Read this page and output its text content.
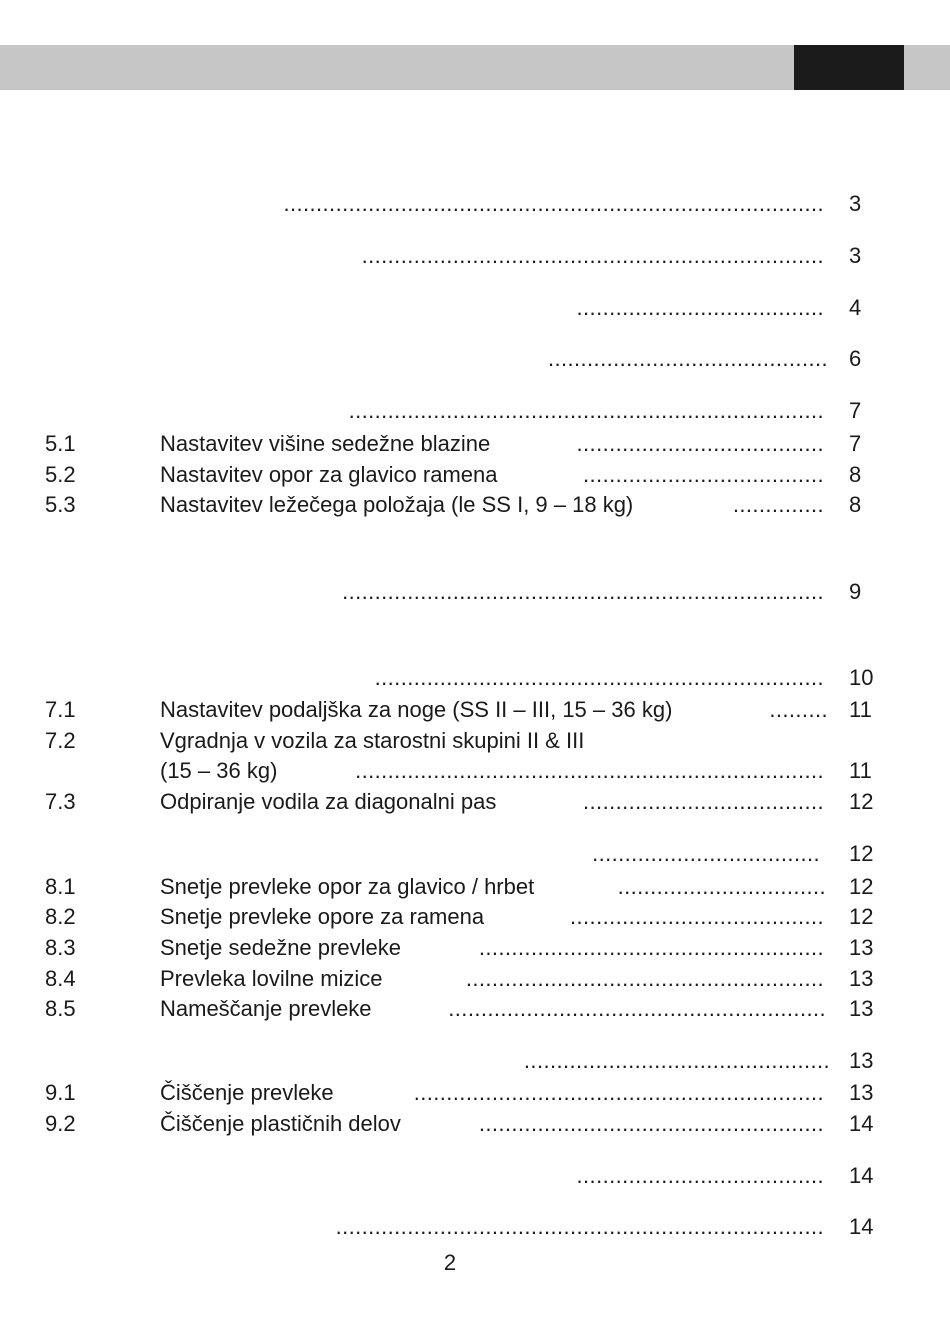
................................................................................... 3
....................................................................... 3
...................................... 4
........................................... 6
......................................................................... 7
5.1	Nastavitev višine sedežne blazine	...................................... 7
5.2	Nastavitev opor za glavico ramena	..................................... 8
5.3	Nastavitev ležečega položaja (le SS I, 9 – 18 kg)	.............. 8
.......................................................................... 9
..................................................................... 10
7.1	Nastavitev podaljška za noge (SS II – III, 15 – 36 kg)	......... 11
7.2	Vgradnja v vozila za starostni skupini II & III
(15 – 36 kg)	........................................................................ 11
7.3	Odpiranje vodila za diagonalni pas	..................................... 12
................................... 12
8.1	Snetje prevleke opor za glavico / hrbet	................................ 12
8.2	Snetje prevleke opore za ramena	....................................... 12
8.3	Snetje sedežne prevleke	..................................................... 13
8.4	Prevleka lovilne mizice	....................................................... 13
8.5	Nameščanje prevleke	.......................................................... 13
............................................... 13
9.1	Čiščenje prevleke	............................................................... 13
9.2	Čiščenje plastičnih delov	..................................................... 14
...................................... 14
........................................................................... 14
2
